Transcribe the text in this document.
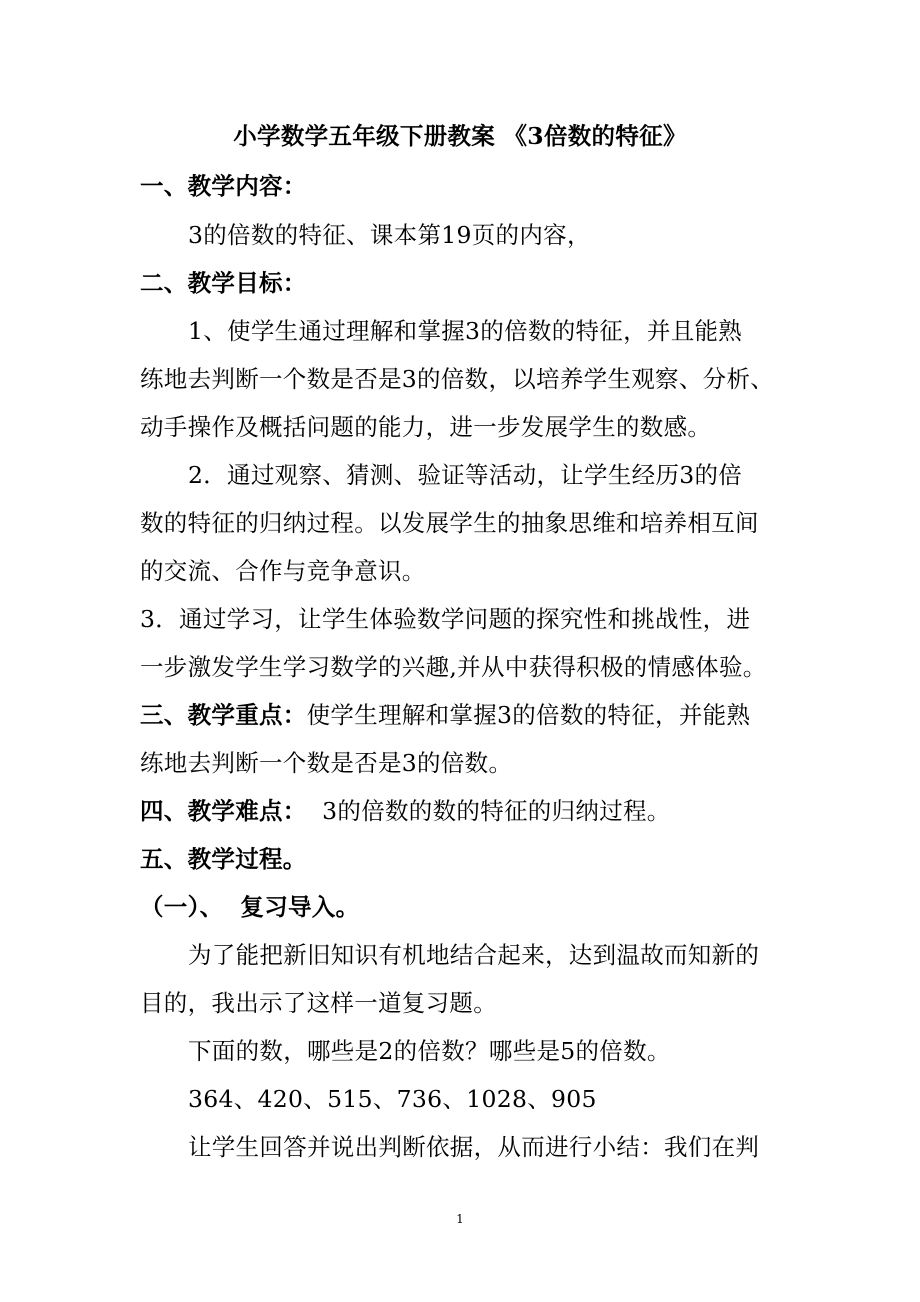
小学数学五年级下册教案 《3倍数的特征》
一、教学内容：
3的倍数的特征、课本第19页的内容，
二、教学目标：
1、使学生通过理解和掌握3的倍数的特征，并且能熟
练地去判断一个数是否是3的倍数，以培养学生观察、分析、
动手操作及概括问题的能力，进一步发展学生的数感。
2．通过观察、猜测、验证等活动，让学生经历3的倍
数的特征的归纳过程。以发展学生的抽象思维和培养相互间
的交流、合作与竞争意识。
3．通过学习，让学生体验数学问题的探究性和挑战性，进
一步激发学生学习数学的兴趣,并从中获得积极的情感体验。
三、教学重点：使学生理解和掌握3的倍数的特征，并能熟
练地去判断一个数是否是3的倍数。
四、教学难点：  3的倍数的数的特征的归纳过程。
五、教学过程。
（一）、  复习导入。
为了能把新旧知识有机地结合起来，达到温故而知新的
目的，我出示了这样一道复习题。
下面的数，哪些是2的倍数？哪些是5的倍数。
364、420、515、736、1028、905
让学生回答并说出判断依据，从而进行小结：我们在判
1
